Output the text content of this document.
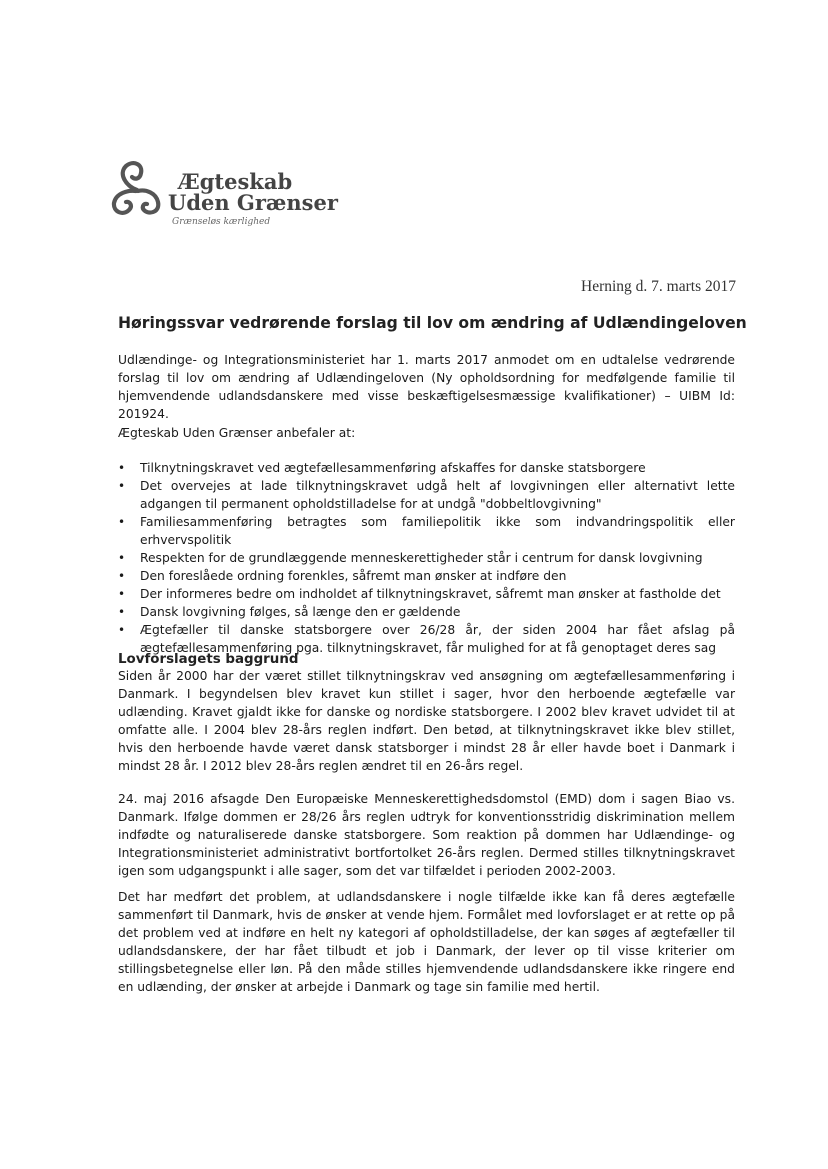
Ægteskab
Uden Grænser
Grænseløs kærlighed
Herning d. 7. marts 2017
Høringssvar vedrørende forslag til lov om ændring af Udlændingeloven

Udlændinge- og Integrationsministeriet har 1. marts 2017 anmodet om en udtalelse vedrørende forslag til lov om ændring af Udlændingeloven (Ny opholdsordning for medfølgende familie til hjemvendende udlandsdanskere med visse beskæftigelsesmæssige kvalifikationer) – UIBM Id: 201924.

Ægteskab Uden Grænser anbefaler at:

• Tilknytningskravet ved ægtefællesammenføring afskaffes for danske statsborgere
• Det overvejes at lade tilknytningskravet udgå helt af lovgivningen eller alternativt lette adgangen til permanent opholdstilladelse for at undgå "dobbeltlovgivning"
• Familiesammenføring betragtes som familiepolitik ikke som indvandringspolitik eller erhvervspolitik
• Respekten for de grundlæggende menneskerettigheder står i centrum for dansk lovgivning
• Den foreslåede ordning forenkles, såfremt man ønsker at indføre den
• Der informeres bedre om indholdet af tilknytningskravet, såfremt man ønsker at fastholde det
• Dansk lovgivning følges, så længe den er gældende
• Ægtefæller til danske statsborgere over 26/28 år, der siden 2004 har fået afslag på ægtefællesammenføring pga. tilknytningskravet, får mulighed for at få genoptaget deres sag
Lovforslagets baggrund

Siden år 2000 har der været stillet tilknytningskrav ved ansøgning om ægtefællesammenføring i Danmark. I begyndelsen blev kravet kun stillet i sager, hvor den herboende ægtefælle var udlænding. Kravet gjaldt ikke for danske og nordiske statsborgere. I 2002 blev kravet udvidet til at omfatte alle. I 2004 blev 28-års reglen indført. Den betød, at tilknytningskravet ikke blev stillet, hvis den herboende havde været dansk statsborger i mindst 28 år eller havde boet i Danmark i mindst 28 år. I 2012 blev 28-års reglen ændret til en 26-års regel.

24. maj 2016 afsagde Den Europæiske Menneskerettighedsdomstol (EMD) dom i sagen Biao vs. Danmark. Ifølge dommen er 28/26 års reglen udtryk for konventionsstridig diskrimination mellem indfødte og naturaliserede danske statsborgere. Som reaktion på dommen har Udlændinge- og Integrationsministeriet administrativt bortfortolket 26-års reglen. Dermed stilles tilknytningskravet igen som udgangspunkt i alle sager, som det var tilfældet i perioden 2002-2003.

Det har medført det problem, at udlandsdanskere i nogle tilfælde ikke kan få deres ægtefælle sammenført til Danmark, hvis de ønsker at vende hjem. Formålet med lovforslaget er at rette op på det problem ved at indføre en helt ny kategori af opholdstilladelse, der kan søges af ægtefæller til udlandsdanskere, der har fået tilbudt et job i Danmark, der lever op til visse kriterier om stillingsbetegnelse eller løn. På den måde stilles hjemvendende udlandsdanskere ikke ringere end en udlænding, der ønsker at arbejde i Danmark og tage sin familie med hertil.
